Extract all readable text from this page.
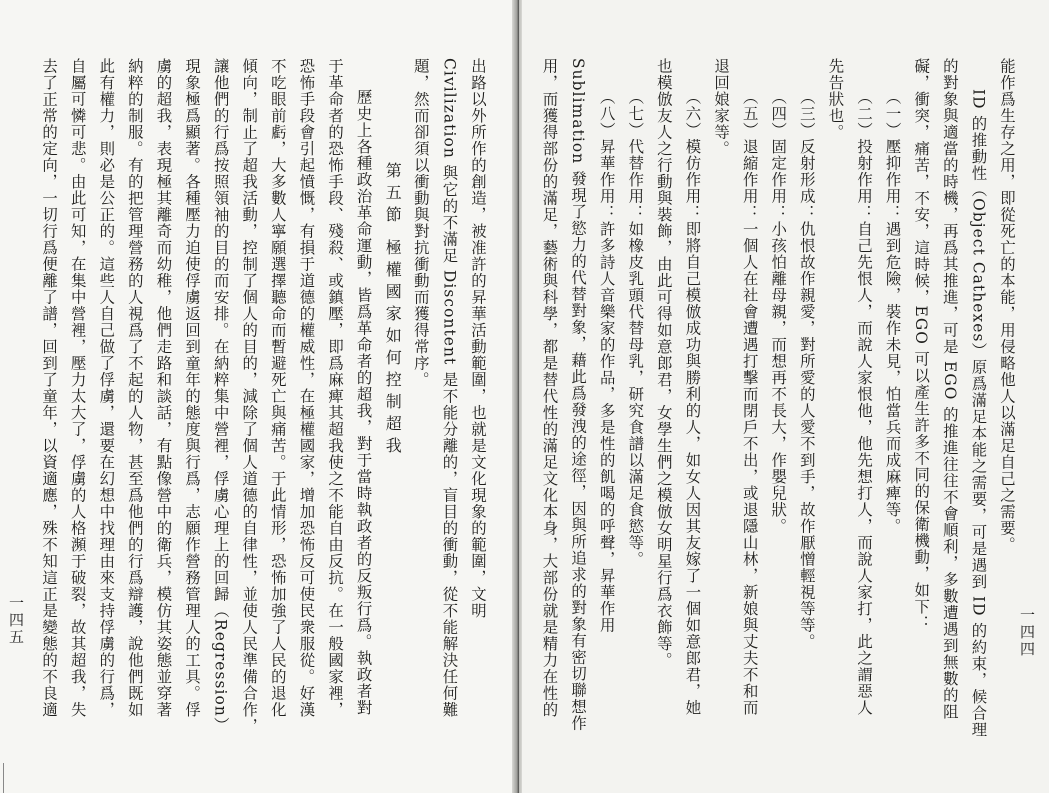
出路以外所作的創造，被准許的昇華活動範圍，也就是文化現象的範圍，文明
Civilization 與它的不滿足 Discontent 是不能分離的，盲目的衝動，從不能解決任何難
題，然而卻須以衝動與對抗衝動而獲得常序。
第五節 極權國家如何控制超我
歷史上各種政治革命運動，皆爲革命者的超我，對于當時執政者的反叛行爲。執政者對
于革命者的恐怖手段、殘殺、或鎮壓，即爲麻痺其超我使之不能自由反抗。在一般國家裡，
恐怖手段會引起憤慨，有損于道德的權威性，在極權國家，增加恐怖反可使民衆服從。好漢
不吃眼前虧，大多數人寧願選擇聽命而暫避死亡與痛苦。于此情形，恐怖加強了人民的退化
傾向，制止了超我活動，控制了個人的目的，減除了個人道德的自律性，並使人民準備合作，
讓他們的行爲按照領袖的目的而安排。在納粹集中營裡，俘虜心理上的回歸（Regression）
現象極爲顯著。各種壓力迫使俘虜返回到童年的態度與行爲，志願作營務管理人的工具。俘
虜的超我，表現極其離奇而幼稚，他們走路和談話，有點像營中的衛兵，模仿其姿態並穿著
納粹的制服。有的把管理營務的人視爲了不起的人物，甚至爲他們的行爲辯護，說他們既如
此有權力，則必是公正的。這些人自己做了俘虜，還要在幻想中找理由來支持俘虜的行爲，
自屬可憐可悲。由此可知，在集中營裡，壓力太大了，俘虜的人格瀕于破裂，故其超我，失
去了正常的定向，一切行爲便離了譜，回到了童年，以資適應，殊不知這正是變態的不良適
一四五
能作爲生存之用，即從死亡的本能，用侵略他人以滿足自己之需要。
ID 的推動性（Object Cathexes）原爲滿足本能之需要，可是遇到 ID 的約束，候合理
的對象與適當的時機，再爲其推進，可是 EGO 的推進往往不會順利，多數遭遇到無數的阻
礙，衝突，痛苦，不安，這時候，EGO 可以產生許多不同的保衛機動，如下：
（一）壓抑作用：遇到危險，裝作未見，怕當兵而成麻痺等。
（二）投射作用：自己先恨人，而說人家恨他，他先想打人，而說人家打，此之謂惡人
先告狀也。
（三）反射形成：仇恨故作親愛，對所愛的人愛不到手，故作厭憎輕視等等。
（四）固定作用：小孩怕離母親，而想再不長大，作嬰兒狀。
（五）退縮作用：一個人在社會遭遇打擊而閉戶不出，或退隱山林，新娘與丈夫不和而
退回娘家等。
（六）模仿作用：即將自己模倣成功與勝利的人，如女人因其友嫁了一個如意郎君，她
也模倣友人之行動與裝飾，由此可得如意郎君，女學生們之模倣女明星行爲衣飾等。
（七）代替作用：如橡皮乳頭代替母乳，研究食譜以滿足食慾等。
（八）昇華作用：許多詩人音樂家的作品，多是性的飢喝的呼聲，昇華作用
Sublimation 發現了慾力的代替對象，藉此爲發洩的途徑，因與所追求的對象有密切聯想作
用，而獲得部份的滿足，藝術與科學，都是替代性的滿足文化本身，大部份就是精力在性的	一四四
